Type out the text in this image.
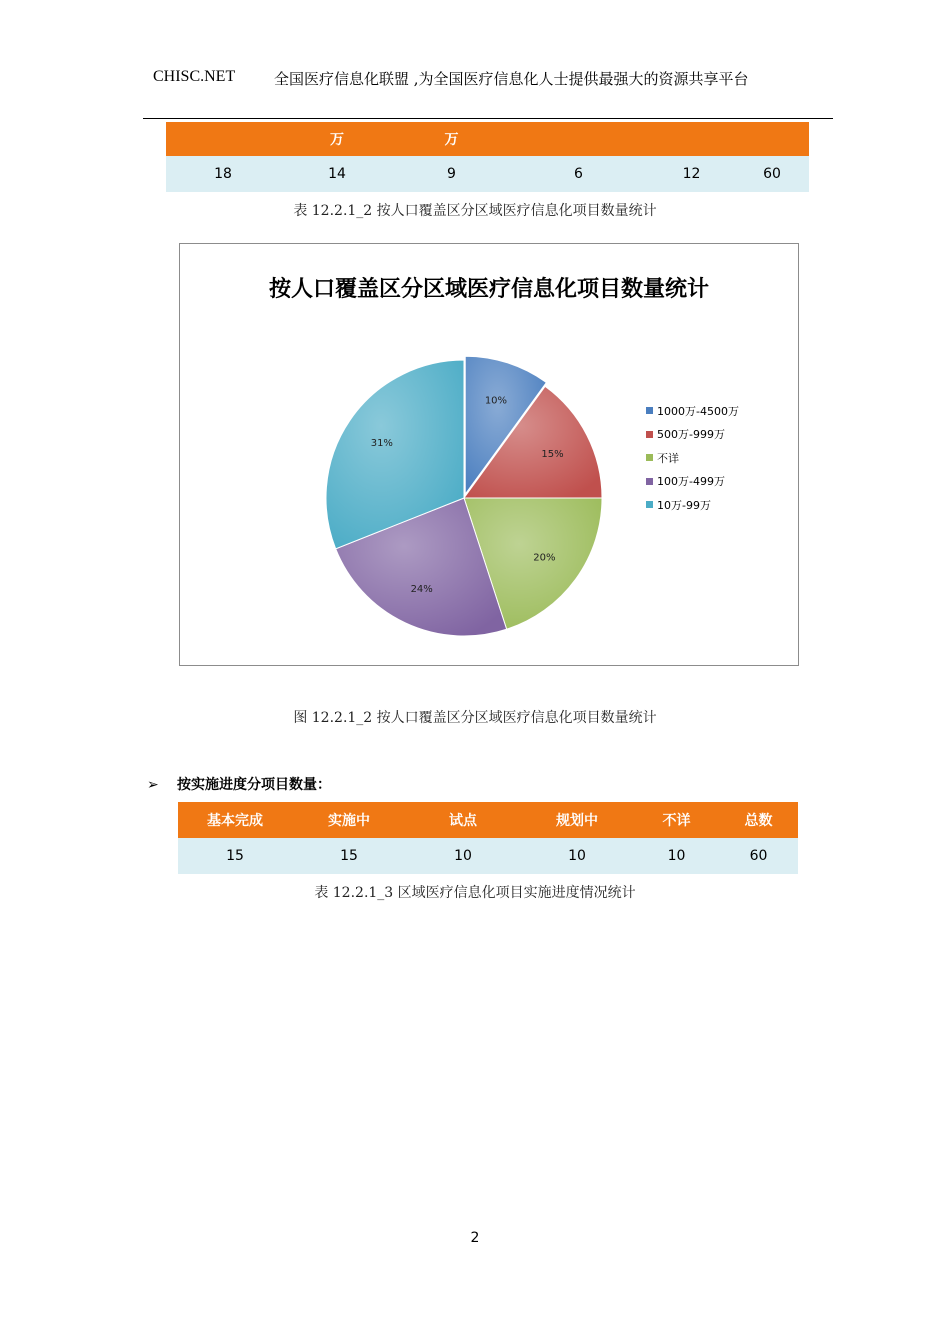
CHISC.NET	全国医疗信息化联盟 ,为全国医疗信息化人士提供最强大的资源共享平台
	万	万			
18	14	9	6	12	60
表 12.2.1_2 按人口覆盖区分区域医疗信息化项目数量统计
按人口覆盖区分区域医疗信息化项目数量统计
10%
15%
20%
24%
31%
1000万-4500万
500万-999万
不详
100万-499万
10万-99万
图 12.2.1_2 按人口覆盖区分区域医疗信息化项目数量统计
➢ 按实施进度分项目数量：
基本完成	实施中	试点	规划中	不详	总数
15	15	10	10	10	60
表 12.2.1_3 区域医疗信息化项目实施进度情况统计
2
